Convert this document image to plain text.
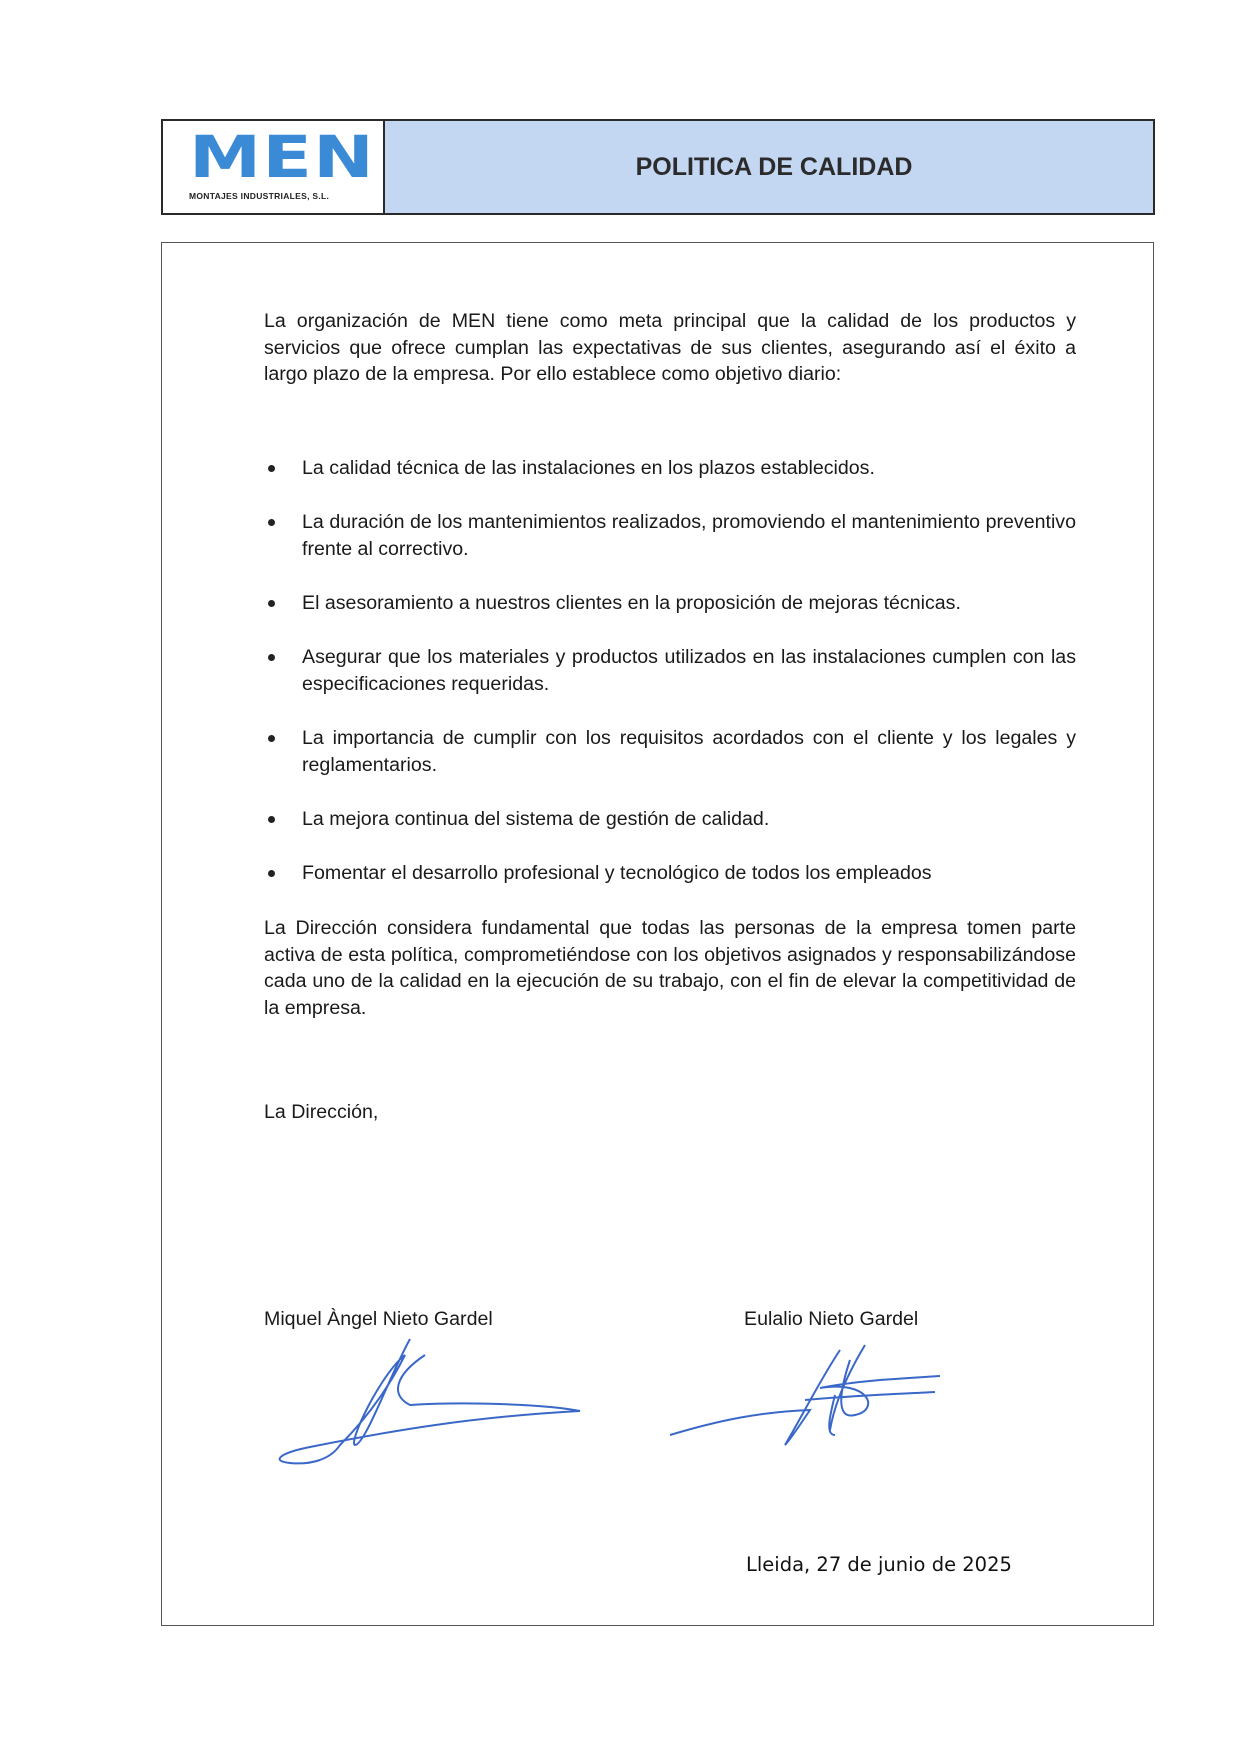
MEN
MONTAJES INDUSTRIALES, S.L.
POLITICA DE CALIDAD

La organización de MEN tiene como meta principal que la calidad de los productos y servicios que ofrece cumplan las expectativas de sus clientes, asegurando así el éxito a largo plazo de la empresa. Por ello establece como objetivo diario:

La calidad técnica de las instalaciones en los plazos establecidos.
La duración de los mantenimientos realizados, promoviendo el mantenimiento preventivo frente al correctivo.
El asesoramiento a nuestros clientes en la proposición de mejoras técnicas.
Asegurar que los materiales y productos utilizados en las instalaciones cumplen con las especificaciones requeridas.
La importancia de cumplir con los requisitos acordados con el cliente y los legales y reglamentarios.
La mejora continua del sistema de gestión de calidad.
Fomentar el desarrollo profesional y tecnológico de todos los empleados

La Dirección considera fundamental que todas las personas de la empresa tomen parte activa de esta política, comprometiéndose con los objetivos asignados y responsabilizándose cada uno de la calidad en la ejecución de su trabajo, con el fin de elevar la competitividad de la empresa.

La Dirección,
Miquel Àngel Nieto Gardel	Eulalio Nieto Gardel
Lleida, 27 de junio de 2025
